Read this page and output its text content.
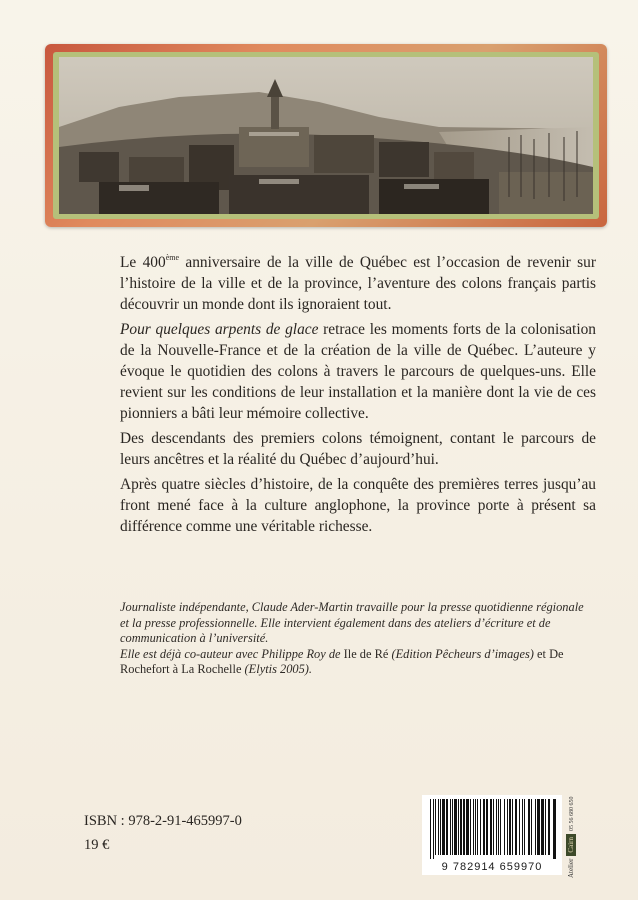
Le 400ème anniversaire de la ville de Québec est l’occasion de revenir sur l’histoire de la ville et de la province, l’aventure des colons français partis découvrir un monde dont ils ignoraient tout.

Pour quelques arpents de glace retrace les moments forts de la colonisation de la Nouvelle-France et de la création de la ville de Québec. L’auteure y évoque le quotidien des colons à travers le parcours de quelques-uns. Elle revient sur les conditions de leur installation et la manière dont la vie de ces pionniers a bâti leur mémoire collective.

Des descendants des premiers colons témoignent, contant le parcours de leurs ancêtres et la réalité du Québec d’aujourd’hui.

Après quatre siècles d’histoire, de la conquête des premières terres jusqu’au front mené face à la culture anglophone, la province porte à présent sa différence comme une véritable richesse.

Journaliste indépendante, Claude Ader-Martin travaille pour la presse quotidienne régionale et la presse professionnelle. Elle intervient également dans des ateliers d’écriture et de communication à l’université.
Elle est déjà co-auteur avec Philippe Roy de Ile de Ré (Edition Pêcheurs d’images) et De Rochefort à La Rochelle (Elytis 2005).
ISBN : 978-2-91-465997-0
19 €
9 782914 659970	AtelierCairn05 56 680 650
